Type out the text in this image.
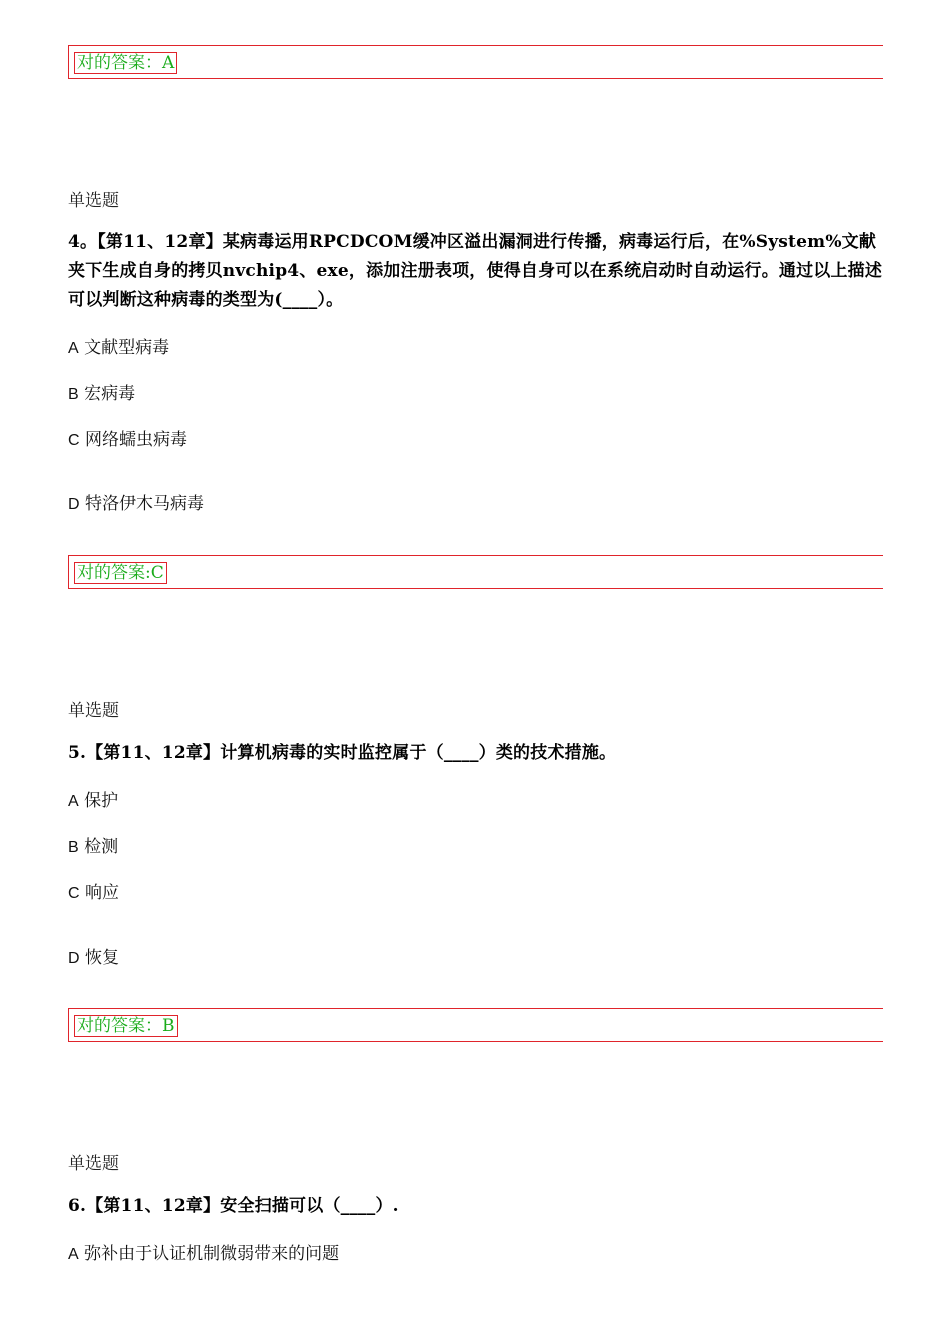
对的答案：A
单选题
4。【第11、12章】某病毒运用RPCDCOM缓冲区溢出漏洞进行传播，病毒运行后，在%System%文献夹下生成自身的拷贝nvchip4、exe，添加注册表项，使得自身可以在系统启动时自动运行。通过以上描述可以判断这种病毒的类型为(____）。
A 文献型病毒
B 宏病毒
C 网络蠕虫病毒
D 特洛伊木马病毒
对的答案:C
单选题
5.【第11、12章】计算机病毒的实时监控属于（____）类的技术措施。
A 保护
B 检测
C 响应
D 恢复
对的答案：B
单选题
6.【第11、12章】安全扫描可以（____）.
A 弥补由于认证机制微弱带来的问题
